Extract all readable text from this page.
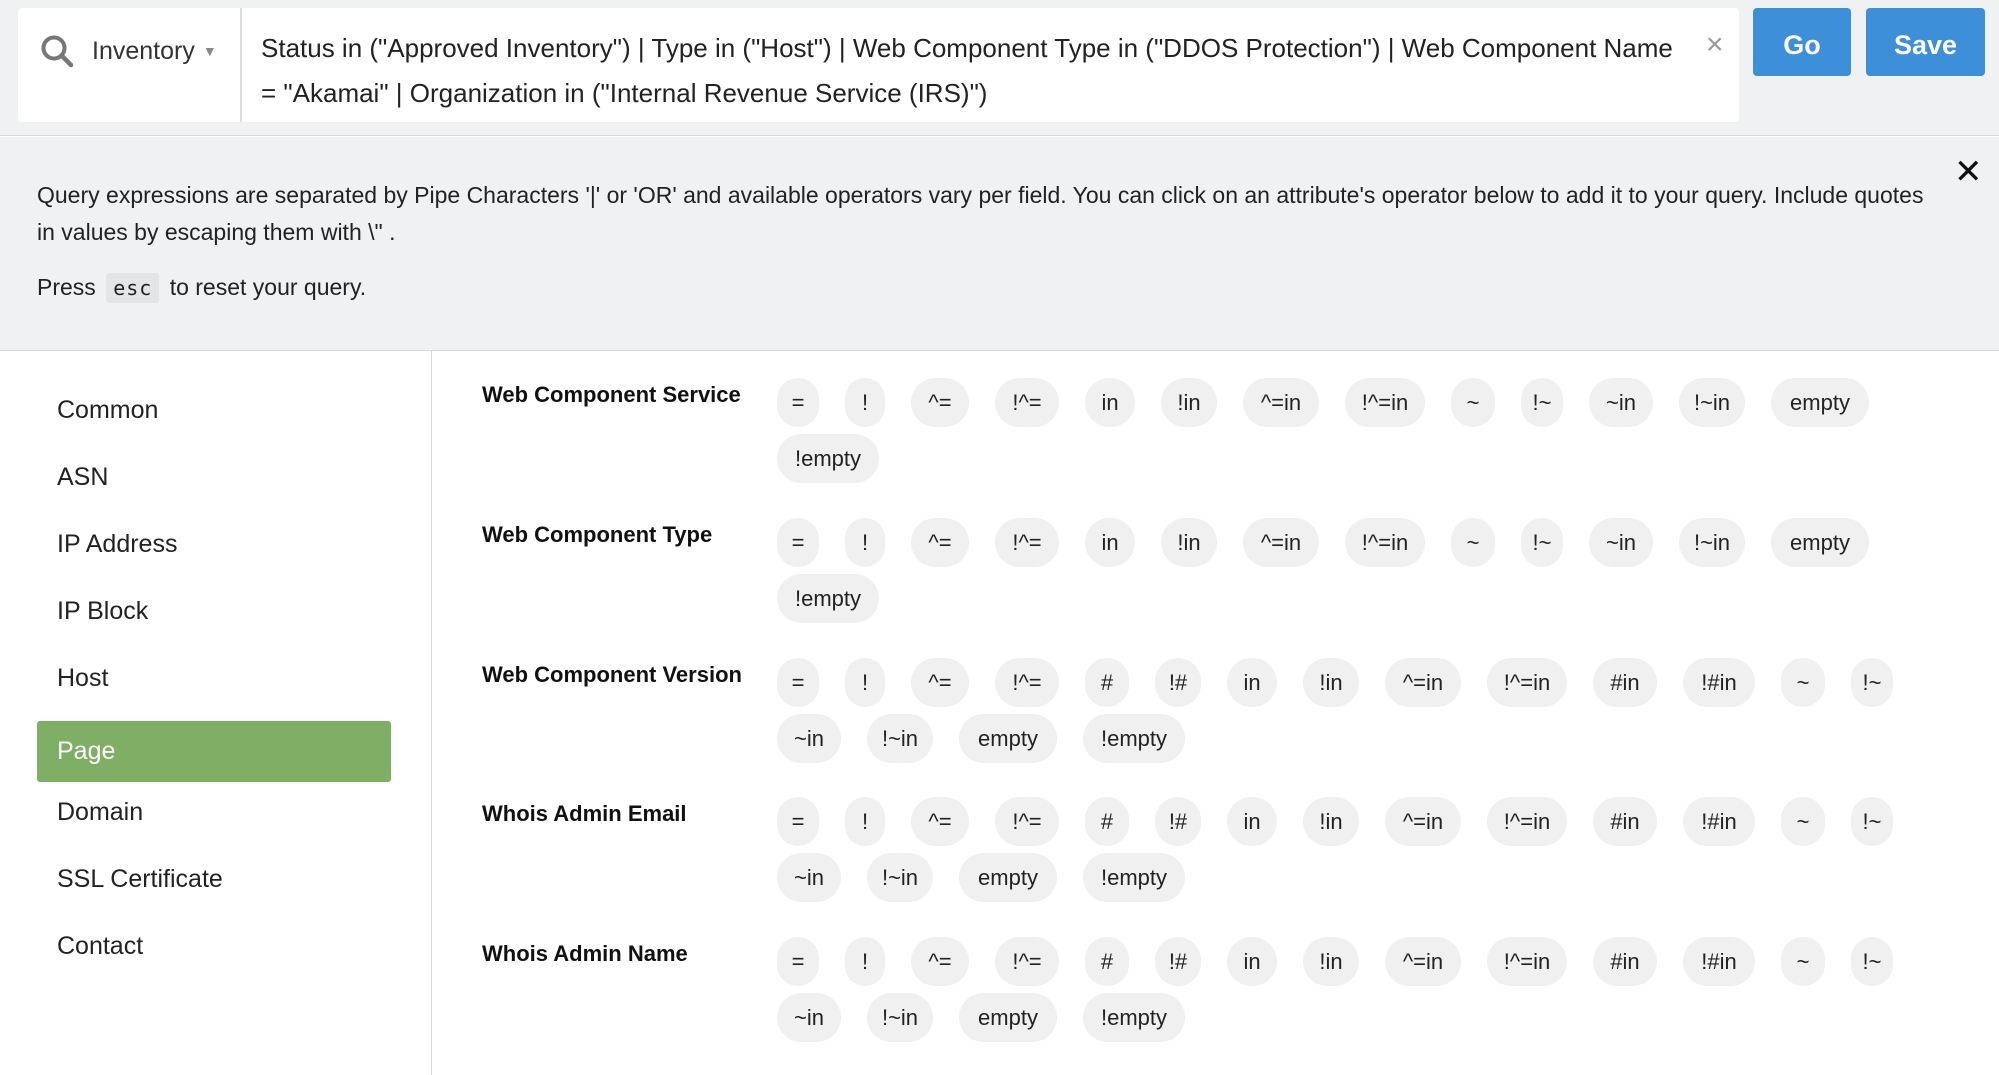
Inventory ▼ Status in ("Approved Inventory") | Type in ("Host") | Web Component Type in ("DDOS Protection") | Web Component Name = "Akamai" | Organization in ("Internal Revenue Service (IRS)")
×	Go	Save
✕
Query expressions are separated by Pipe Characters '|' or 'OR' and available operators vary per field. You can click on an attribute's operator below to add it to your query. Include quotes in values by escaping them with \" .
Press esc to reset your query.
Common
ASN
IP Address
IP Block
Host
Page
Domain
SSL Certificate
Contact
Web Component Service	=	!	^=	!^=	in	!in	^=in	!^=in	~	!~	~in	!~in	empty
!empty
Web Component Type	=	!	^=	!^=	in	!in	^=in	!^=in	~	!~	~in	!~in	empty
!empty
Web Component Version	=	!	^=	!^=	#	!#	in	!in	^=in	!^=in	#in	!#in	~	!~
~in	!~in	empty	!empty
Whois Admin Email	=	!	^=	!^=	#	!#	in	!in	^=in	!^=in	#in	!#in	~	!~
~in	!~in	empty	!empty
Whois Admin Name	=	!	^=	!^=	#	!#	in	!in	^=in	!^=in	#in	!#in	~	!~
~in	!~in	empty	!empty
